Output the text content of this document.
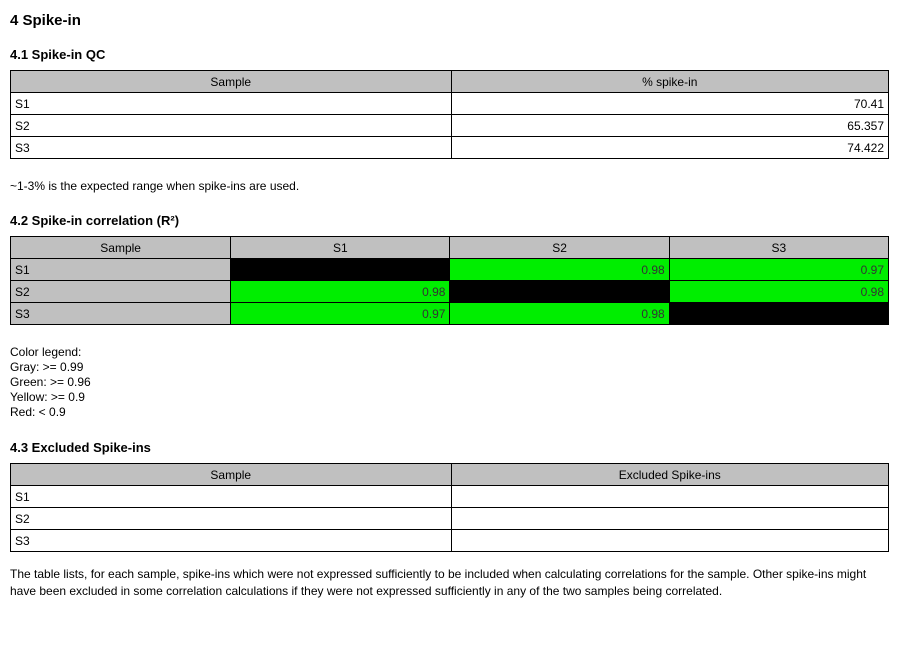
4 Spike-in
4.1 Spike-in QC
Sample	% spike-in
S1	70.41
S2	65.357
S3	74.422

~1-3% is the expected range when spike-ins are used.

4.2 Spike-in correlation (R²)
Sample	S1	S2	S3
S1		0.98	0.97
S2	0.98		0.98
S3	0.97	0.98	
Color legend:
Gray: >= 0.99
Green: >= 0.96
Yellow: >= 0.9
Red: < 0.9
4.3 Excluded Spike-ins
Sample	Excluded Spike-ins
S1	
S2	
S3	

The table lists, for each sample, spike-ins which were not expressed sufficiently to be included when calculating correlations for the sample. Other spike-ins might have been excluded in some correlation calculations if they were not expressed sufficiently in any of the two samples being correlated.
